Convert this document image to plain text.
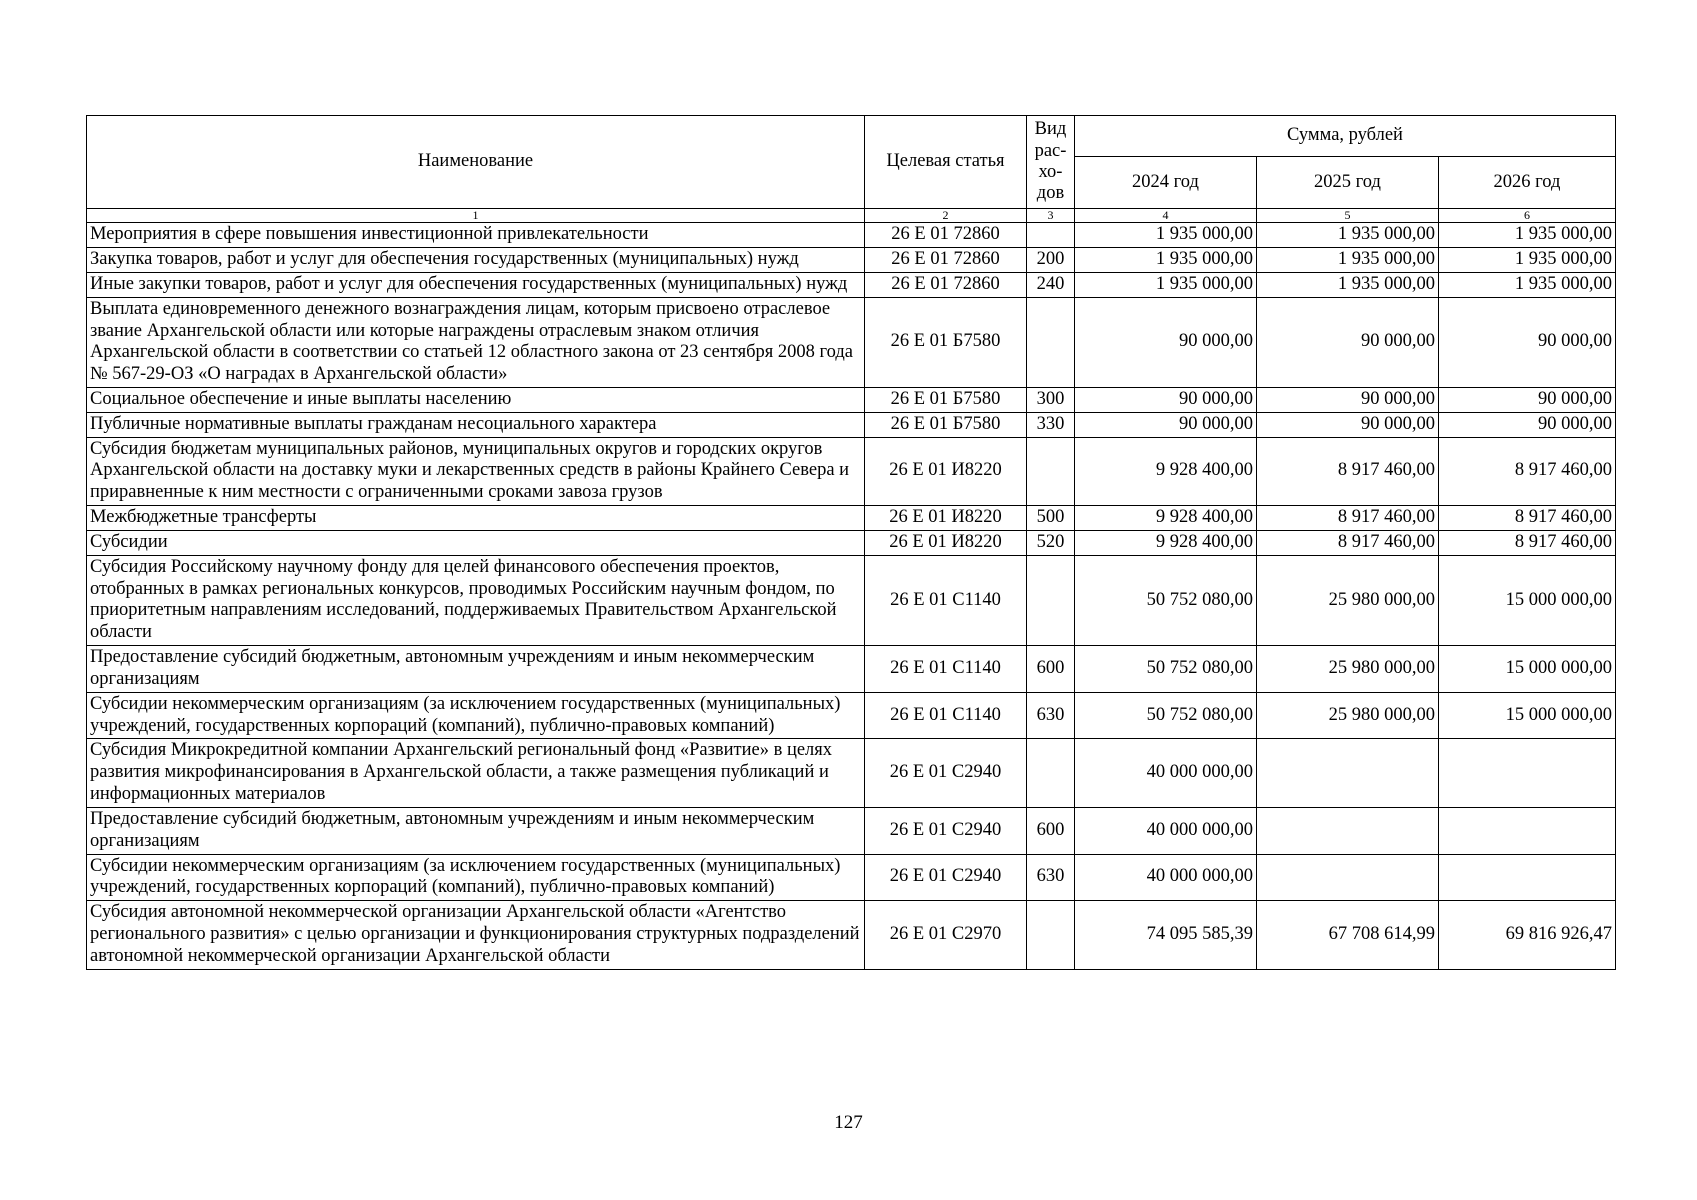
Наименование	Целевая статья	Вид
рас-
хо-
дов	Сумма, рублей		
			2024 год	2025 год	2026 год
1	2	3	4	5	6
Мероприятия в сфере повышения инвестиционной привлекательности	26 Е 01 72860		1 935 000,00	1 935 000,00	1 935 000,00
Закупка товаров, работ и услуг для обеспечения государственных (муниципальных) нужд	26 Е 01 72860	200	1 935 000,00	1 935 000,00	1 935 000,00
Иные закупки товаров, работ и услуг для обеспечения государственных (муниципальных) нужд	26 Е 01 72860	240	1 935 000,00	1 935 000,00	1 935 000,00
Выплата единовременного денежного вознаграждения лицам, которым присвоено отраслевое звание Архангельской области или которые награждены отраслевым знаком отличия Архангельской области в соответствии со статьей 12 областного закона от 23 сентября 2008 года № 567-29-ОЗ «О наградах в Архангельской области»	26 Е 01 Б7580		90 000,00	90 000,00	90 000,00
Социальное обеспечение и иные выплаты населению	26 Е 01 Б7580	300	90 000,00	90 000,00	90 000,00
Публичные нормативные выплаты гражданам несоциального характера	26 Е 01 Б7580	330	90 000,00	90 000,00	90 000,00
Субсидия бюджетам муниципальных районов, муниципальных округов и городских округов Архангельской области на доставку муки и лекарственных средств в районы Крайнего Севера и приравненные к ним местности с ограниченными сроками завоза грузов	26 Е 01 И8220		9 928 400,00	8 917 460,00	8 917 460,00
Межбюджетные трансферты	26 Е 01 И8220	500	9 928 400,00	8 917 460,00	8 917 460,00
Субсидии	26 Е 01 И8220	520	9 928 400,00	8 917 460,00	8 917 460,00
Субсидия Российскому научному фонду для целей финансового обеспечения проектов, отобранных в рамках региональных конкурсов, проводимых Российским научным фондом, по приоритетным направлениям исследований, поддерживаемых Правительством Архангельской области	26 Е 01 С1140		50 752 080,00	25 980 000,00	15 000 000,00
Предоставление субсидий бюджетным, автономным учреждениям и иным некоммерческим организациям	26 Е 01 С1140	600	50 752 080,00	25 980 000,00	15 000 000,00
Субсидии некоммерческим организациям (за исключением государственных (муниципальных) учреждений, государственных корпораций (компаний), публично-правовых компаний)	26 Е 01 С1140	630	50 752 080,00	25 980 000,00	15 000 000,00
Субсидия Микрокредитной компании Архангельский региональный фонд «Развитие» в целях развития микрофинансирования в Архангельской области, а также размещения публикаций и информационных материалов	26 Е 01 С2940		40 000 000,00		
Предоставление субсидий бюджетным, автономным учреждениям и иным некоммерческим организациям	26 Е 01 С2940	600	40 000 000,00		
Субсидии некоммерческим организациям (за исключением государственных (муниципальных) учреждений, государственных корпораций (компаний), публично-правовых компаний)	26 Е 01 С2940	630	40 000 000,00		
Субсидия автономной некоммерческой организации Архангельской области «Агентство регионального развития» с целью организации и функционирования структурных подразделений автономной некоммерческой организации Архангельской области	26 Е 01 С2970		74 095 585,39	67 708 614,99	69 816 926,47
127
